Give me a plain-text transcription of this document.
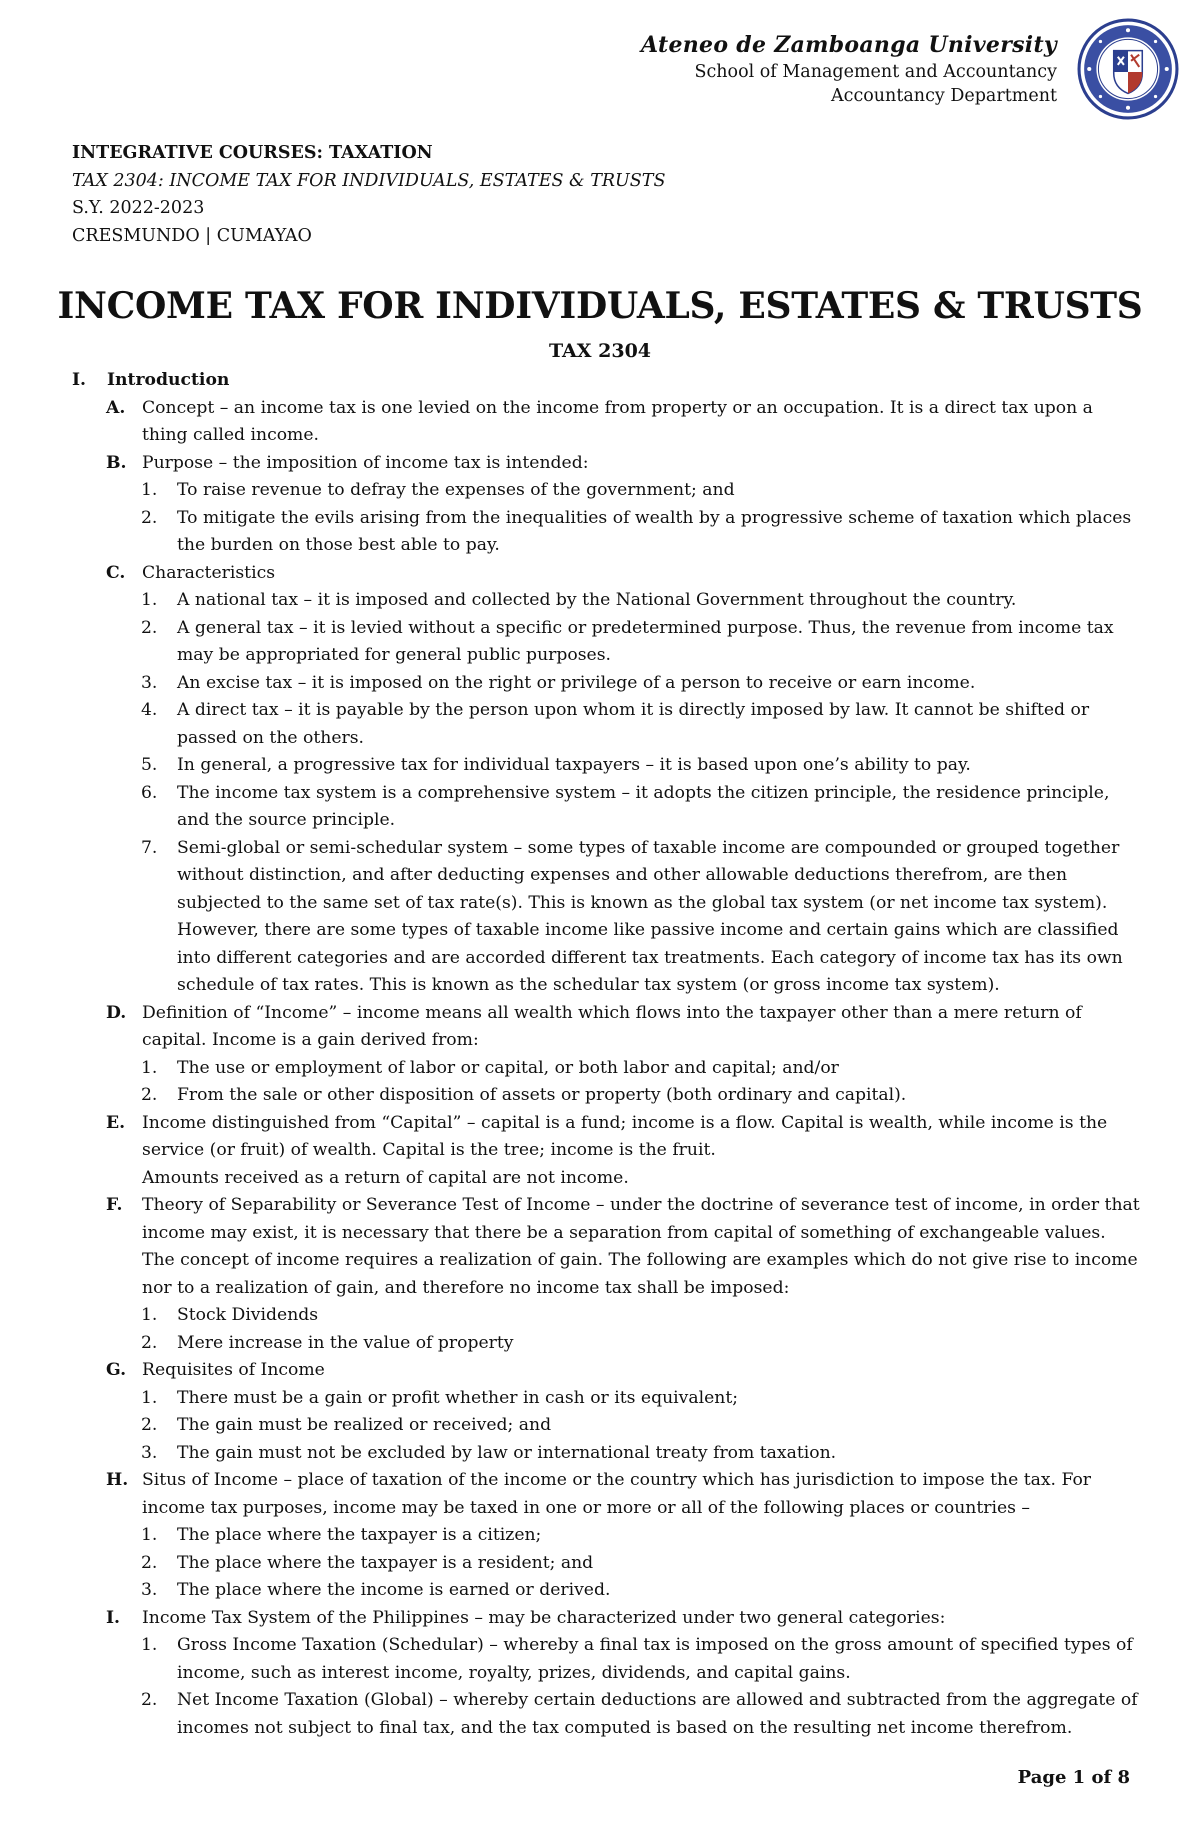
Ateneo de Zamboanga University
School of Management and Accountancy
Accountancy Department
INTEGRATIVE COURSES: TAXATION
TAX 2304: INCOME TAX FOR INDIVIDUALS, ESTATES & TRUSTS
S.Y. 2022-2023
CRESMUNDO | CUMAYAO
INCOME TAX FOR INDIVIDUALS, ESTATES & TRUSTS
TAX 2304
I.	Introduction
A. Concept – an income tax is one levied on the income from property or an occupation. It is a direct tax upon a thing called income.
B. Purpose – the imposition of income tax is intended:
1.	To raise revenue to defray the expenses of the government; and
2.	To mitigate the evils arising from the inequalities of wealth by a progressive scheme of taxation which places the burden on those best able to pay.
C. Characteristics
1.	A national tax – it is imposed and collected by the National Government throughout the country.
2.	A general tax – it is levied without a specific or predetermined purpose. Thus, the revenue from income tax may be appropriated for general public purposes.
3.	An excise tax – it is imposed on the right or privilege of a person to receive or earn income.
4.	A direct tax – it is payable by the person upon whom it is directly imposed by law. It cannot be shifted or passed on the others.
5.	In general, a progressive tax for individual taxpayers – it is based upon one’s ability to pay.
6.	The income tax system is a comprehensive system – it adopts the citizen principle, the residence principle, and the source principle.
7.	Semi-global or semi-schedular system – some types of taxable income are compounded or grouped together without distinction, and after deducting expenses and other allowable deductions therefrom, are then subjected to the same set of tax rate(s). This is known as the global tax system (or net income tax system). However, there are some types of taxable income like passive income and certain gains which are classified into different categories and are accorded different tax treatments. Each category of income tax has its own schedule of tax rates. This is known as the schedular tax system (or gross income tax system).
D. Definition of “Income” – income means all wealth which flows into the taxpayer other than a mere return of capital. Income is a gain derived from:
1.	The use or employment of labor or capital, or both labor and capital; and/or
2.	From the sale or other disposition of assets or property (both ordinary and capital).
E. Income distinguished from “Capital” – capital is a fund; income is a flow. Capital is wealth, while income is the service (or fruit) of wealth. Capital is the tree; income is the fruit.
Amounts received as a return of capital are not income.
F.	Theory of Separability or Severance Test of Income – under the doctrine of severance test of income, in order that income may exist, it is necessary that there be a separation from capital of something of exchangeable values. The concept of income requires a realization of gain. The following are examples which do not give rise to income nor to a realization of gain, and therefore no income tax shall be imposed:
1.	Stock Dividends
2.	Mere increase in the value of property
G. Requisites of Income
1.	There must be a gain or profit whether in cash or its equivalent;
2.	The gain must be realized or received; and
3.	The gain must not be excluded by law or international treaty from taxation.
H. Situs of Income – place of taxation of the income or the country which has jurisdiction to impose the tax. For income tax purposes, income may be taxed in one or more or all of the following places or countries –
1.	The place where the taxpayer is a citizen;
2.	The place where the taxpayer is a resident; and
3.	The place where the income is earned or derived.
I.	Income Tax System of the Philippines – may be characterized under two general categories:
1.	Gross Income Taxation (Schedular) – whereby a final tax is imposed on the gross amount of specified types of income, such as interest income, royalty, prizes, dividends, and capital gains.
2.	Net Income Taxation (Global) – whereby certain deductions are allowed and subtracted from the aggregate of incomes not subject to final tax, and the tax computed is based on the resulting net income therefrom.
Page 1 of 8
